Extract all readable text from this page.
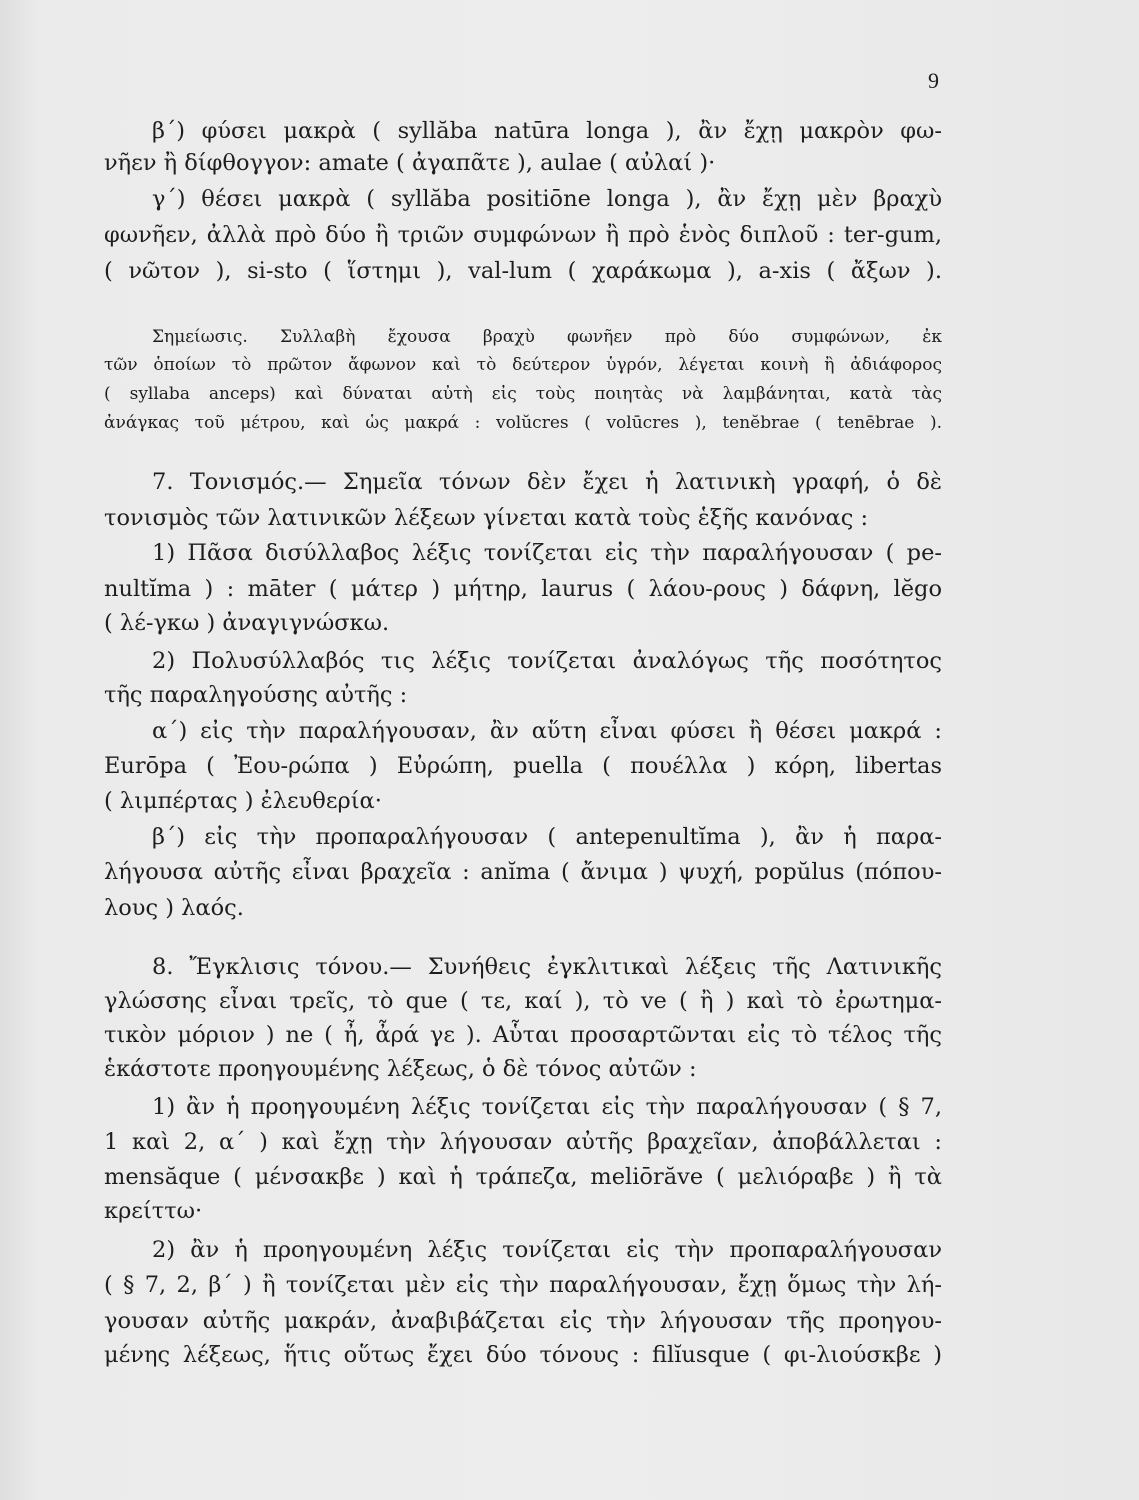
9
β΄) φύσει μακρὰ ( syllăba natūra longa ), ἂν ἔχῃ μακρὸν φω-
νῆεν ἢ δίφθογγον: amate ( ἀγαπᾶτε ), aulae ( αὐλαί )·
γ΄) θέσει μακρὰ ( syllăba positiōne longa ), ἂν ἔχῃ μὲν βραχὺ
φωνῆεν, ἀλλὰ πρὸ δύο ἢ τριῶν συμφώνων ἢ πρὸ ἑνὸς διπλοῦ : ter-gum,
( νῶτον ), si-sto ( ἵστημι ), val-lum ( χαράκωμα ), a-xis ( ἄξων ).
Σημείωσις. Συλλαβὴ ἔχουσα βραχὺ φωνῆεν πρὸ δύο συμφώνων, ἐκ
τῶν ὁποίων τὸ πρῶτον ἄφωνον καὶ τὸ δεύτερον ὑγρόν, λέγεται κοινὴ ἢ ἀδιάφορος
( syllaba anceps) καὶ δύναται αὐτὴ εἰς τοὺς ποιητὰς νὰ λαμβάνηται, κατὰ τὰς
ἀνάγκας τοῦ μέτρου, καὶ ὡς μακρά : volŭcres ( volūcres ), tenĕbrae ( tenēbrae ).
7. Τονισμός.— Σημεῖα τόνων δὲν ἔχει ἡ λατινικὴ γραφή, ὁ δὲ
τονισμὸς τῶν λατινικῶν λέξεων γίνεται κατὰ τοὺς ἑξῆς κανόνας :
1) Πᾶσα δισύλλαβος λέξις τονίζεται εἰς τὴν παραλήγουσαν ( pe-
nultĭma ) : māter ( μάτερ ) μήτηρ, laurus ( λάου-ρους ) δάφνη, lĕgo
( λέ-γκω ) ἀναγιγνώσκω.
2) Πολυσύλλαβός τις λέξις τονίζεται ἀναλόγως τῆς ποσότητος
τῆς παραληγούσης αὐτῆς :
α΄) εἰς τὴν παραλήγουσαν, ἂν αὕτη εἶναι φύσει ἢ θέσει μακρά :
Eurōpa ( Ἐου-ρώπα ) Εὐρώπη, puella ( πουέλλα ) κόρη, libertas
( λιμπέρτας ) ἐλευθερία·
β΄) εἰς τὴν προπαραλήγουσαν ( antepenultĭma ), ἂν ἡ παρα-
λήγουσα αὐτῆς εἶναι βραχεῖα : anĭma ( ἄνιμα ) ψυχή, popŭlus (πόπου-
λους ) λαός.
8. Ἔγκλισις τόνου.— Συνήθεις ἐγκλιτικαὶ λέξεις τῆς Λατινικῆς
γλώσσης εἶναι τρεῖς, τὸ que ( τε, καί ), τὸ ve ( ἢ ) καὶ τὸ ἐρωτημα-
τικὸν μόριον ) ne ( ἦ, ἆρά γε ). Αὗται προσαρτῶνται εἰς τὸ τέλος τῆς
ἑκάστοτε προηγουμένης λέξεως, ὁ δὲ τόνος αὐτῶν :
1) ἂν ἡ προηγουμένη λέξις τονίζεται εἰς τὴν παραλήγουσαν ( § 7,
1 καὶ 2, α΄ ) καὶ ἔχῃ τὴν λήγουσαν αὐτῆς βραχεῖαν, ἀποβάλλεται :
mensăque ( μένσακβε ) καὶ ἡ τράπεζα, meliōrăve ( μελιόραβε ) ἢ τὰ
κρείττω·
2) ἂν ἡ προηγουμένη λέξις τονίζεται εἰς τὴν προπαραλήγουσαν
( § 7, 2, β΄ ) ἢ τονίζεται μὲν εἰς τὴν παραλήγουσαν, ἔχῃ ὅμως τὴν λή-
γουσαν αὐτῆς μακράν, ἀναβιβάζεται εἰς τὴν λήγουσαν τῆς προηγου-
μένης λέξεως, ἥτις οὕτως ἔχει δύο τόνους : filĭusque ( φι-λιούσκβε )
